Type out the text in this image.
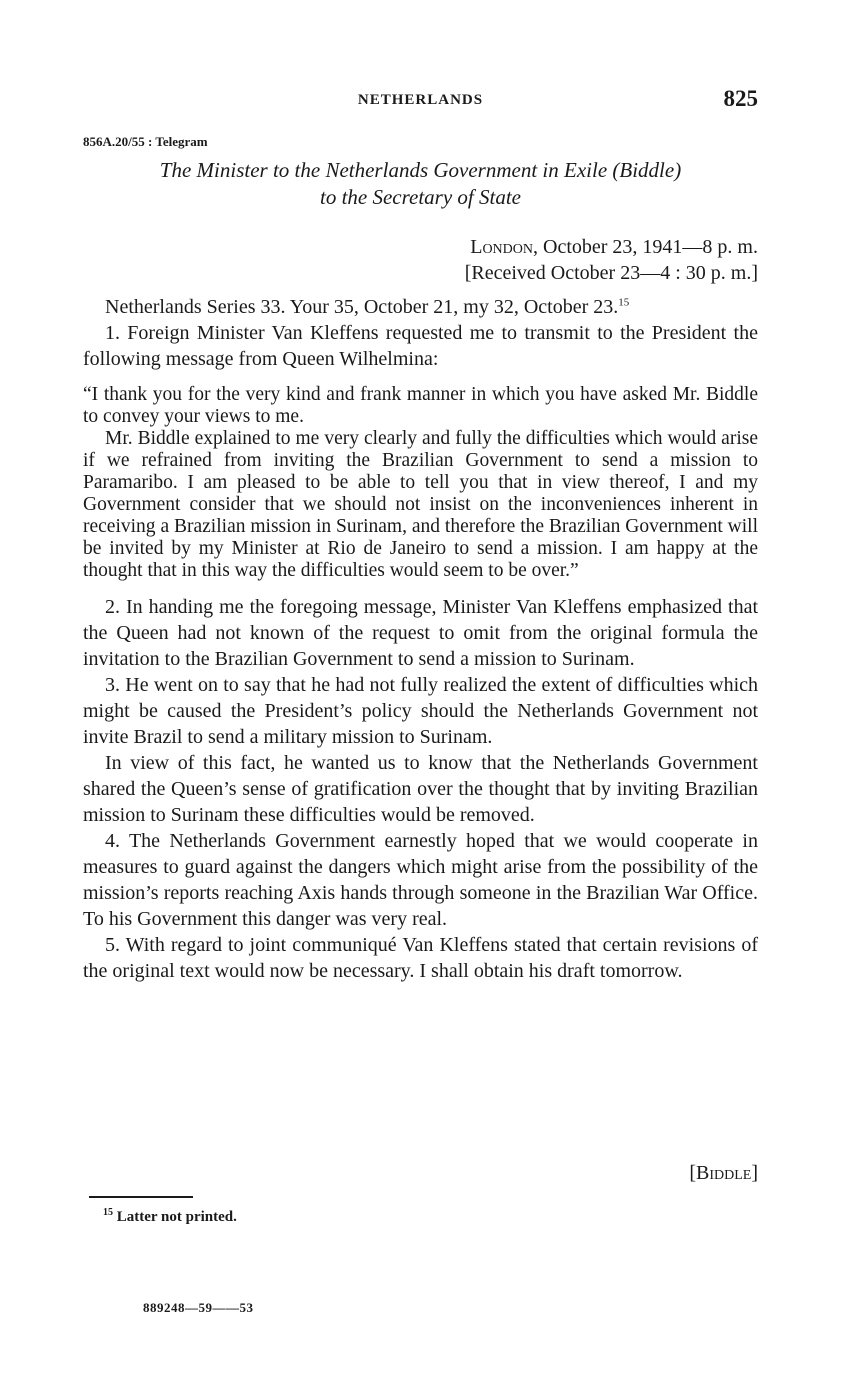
NETHERLANDS	825
856A.20/55 : Telegram
The Minister to the Netherlands Government in Exile (Biddle)
to the Secretary of State
London, October 23, 1941—8 p. m.
[Received October 23—4 : 30 p. m.]

Netherlands Series 33. Your 35, October 21, my 32, October 23.15

1. Foreign Minister Van Kleffens requested me to transmit to the President the following message from Queen Wilhelmina:

“I thank you for the very kind and frank manner in which you have asked Mr. Biddle to convey your views to me.

Mr. Biddle explained to me very clearly and fully the difficulties which would arise if we refrained from inviting the Brazilian Government to send a mission to Paramaribo. I am pleased to be able to tell you that in view thereof, I and my Government consider that we should not insist on the inconveniences inherent in receiving a Brazilian mission in Surinam, and therefore the Brazilian Government will be invited by my Minister at Rio de Janeiro to send a mission. I am happy at the thought that in this way the difficulties would seem to be over.”

2. In handing me the foregoing message, Minister Van Kleffens emphasized that the Queen had not known of the request to omit from the original formula the invitation to the Brazilian Government to send a mission to Surinam.

3. He went on to say that he had not fully realized the extent of difficulties which might be caused the President’s policy should the Netherlands Government not invite Brazil to send a military mission to Surinam.

In view of this fact, he wanted us to know that the Netherlands Government shared the Queen’s sense of gratification over the thought that by inviting Brazilian mission to Surinam these difficulties would be removed.

4. The Netherlands Government earnestly hoped that we would cooperate in measures to guard against the dangers which might arise from the possibility of the mission’s reports reaching Axis hands through someone in the Brazilian War Office. To his Government this danger was very real.

5. With regard to joint communiqué Van Kleffens stated that certain revisions of the original text would now be necessary. I shall obtain his draft tomorrow.

[Biddle]
$^{15}$ Latter not printed.
889248—59——53
